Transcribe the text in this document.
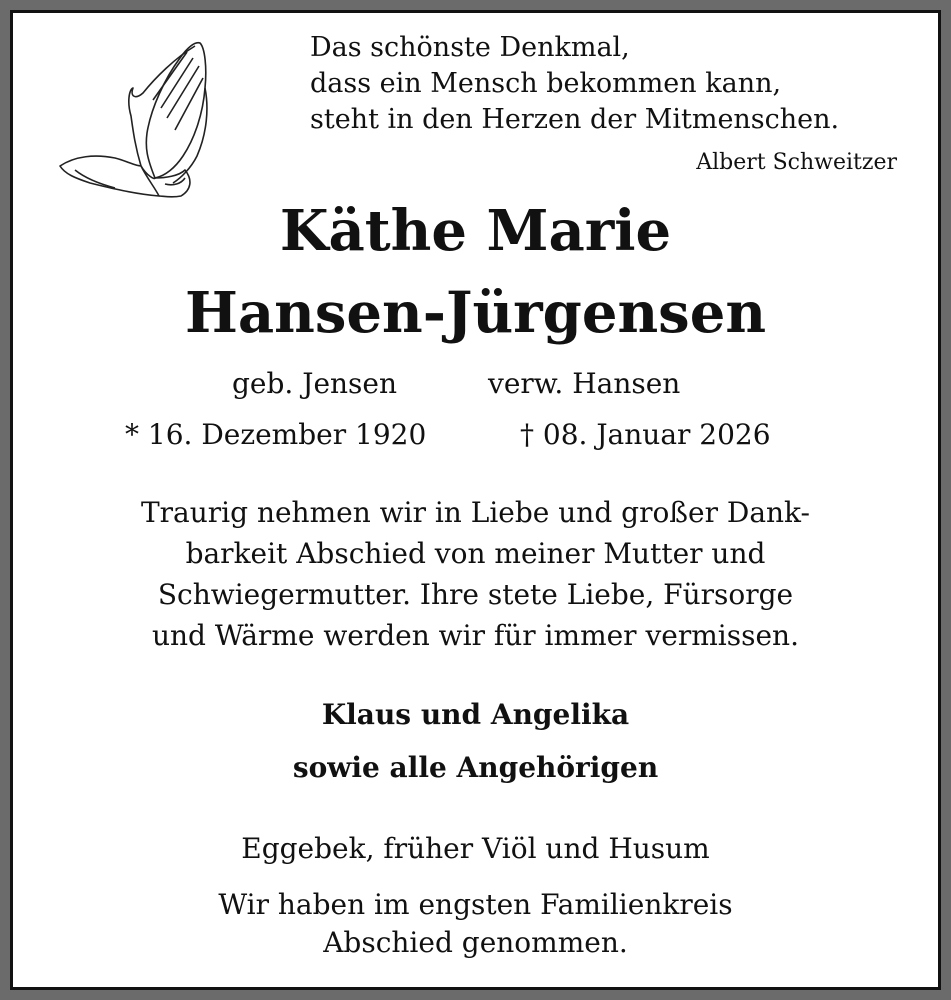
Das schönste Denkmal,
dass ein Mensch bekommen kann,
steht in den Herzen der Mitmenschen.
Albert Schweitzer
Käthe Marie
Hansen-Jürgensen
geb. Jensen	verw. Hansen
* 16. Dezember 1920	† 08. Januar 2026
Traurig nehmen wir in Liebe und großer Dank-
barkeit Abschied von meiner Mutter und
Schwiegermutter. Ihre stete Liebe, Fürsorge
und Wärme werden wir für immer vermissen.
Klaus und Angelika
sowie alle Angehörigen
Eggebek, früher Viöl und Husum
Wir haben im engsten Familienkreis
Abschied genommen.
